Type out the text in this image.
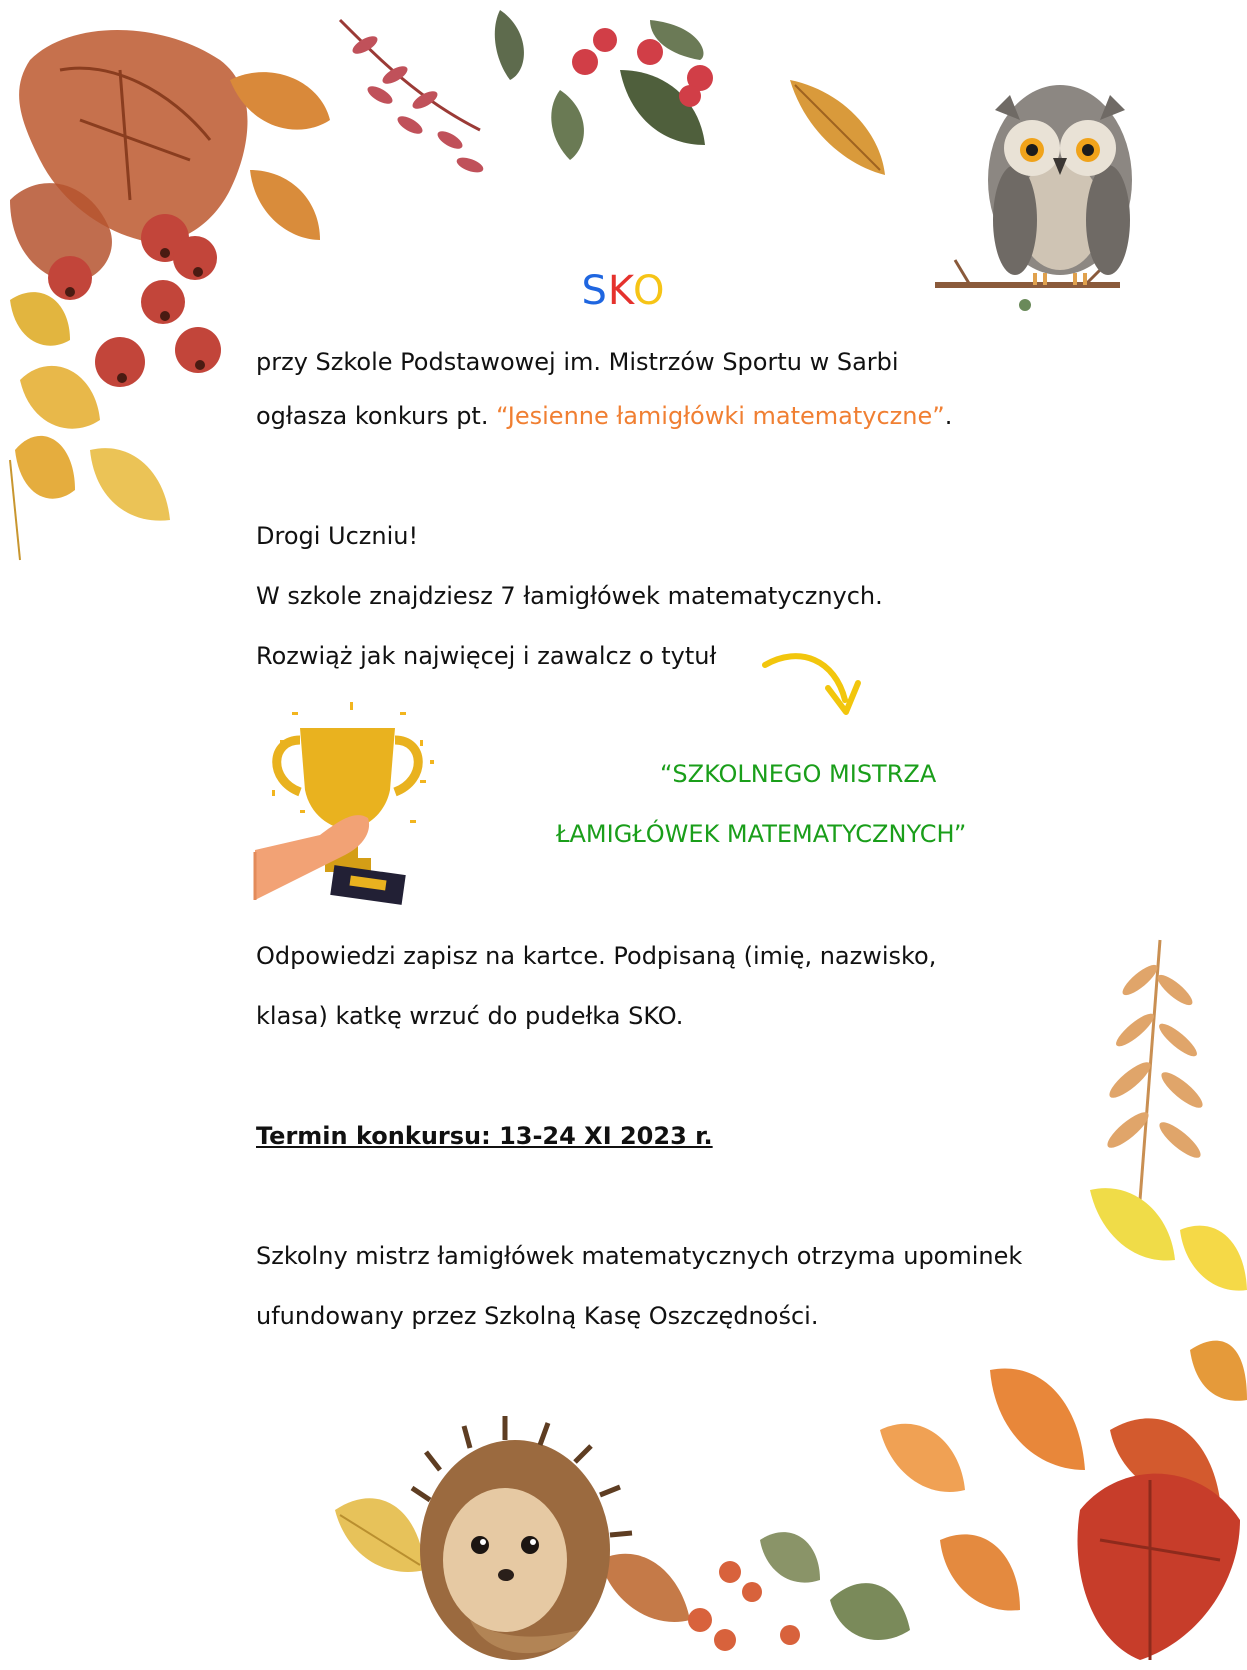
SKO

przy Szkole Podstawowej im. Mistrzów Sportu w Sarbi

ogłasza konkurs pt. “Jesienne łamigłówki matematyczne”.

Drogi Uczniu!

W szkole znajdziesz 7 łamigłówek matematycznych.

Rozwiąż jak najwięcej i zawalcz o tytuł

“SZKOLNEGO MISTRZA

ŁAMIGŁÓWEK MATEMATYCZNYCH”

Odpowiedzi zapisz na kartce. Podpisaną (imię, nazwisko,

klasa) katkę wrzuć do pudełka SKO.

Termin konkursu: 13-24 XI 2023 r.

Szkolny mistrz łamigłówek matematycznych otrzyma upominek

ufundowany przez Szkolną Kasę Oszczędności.
